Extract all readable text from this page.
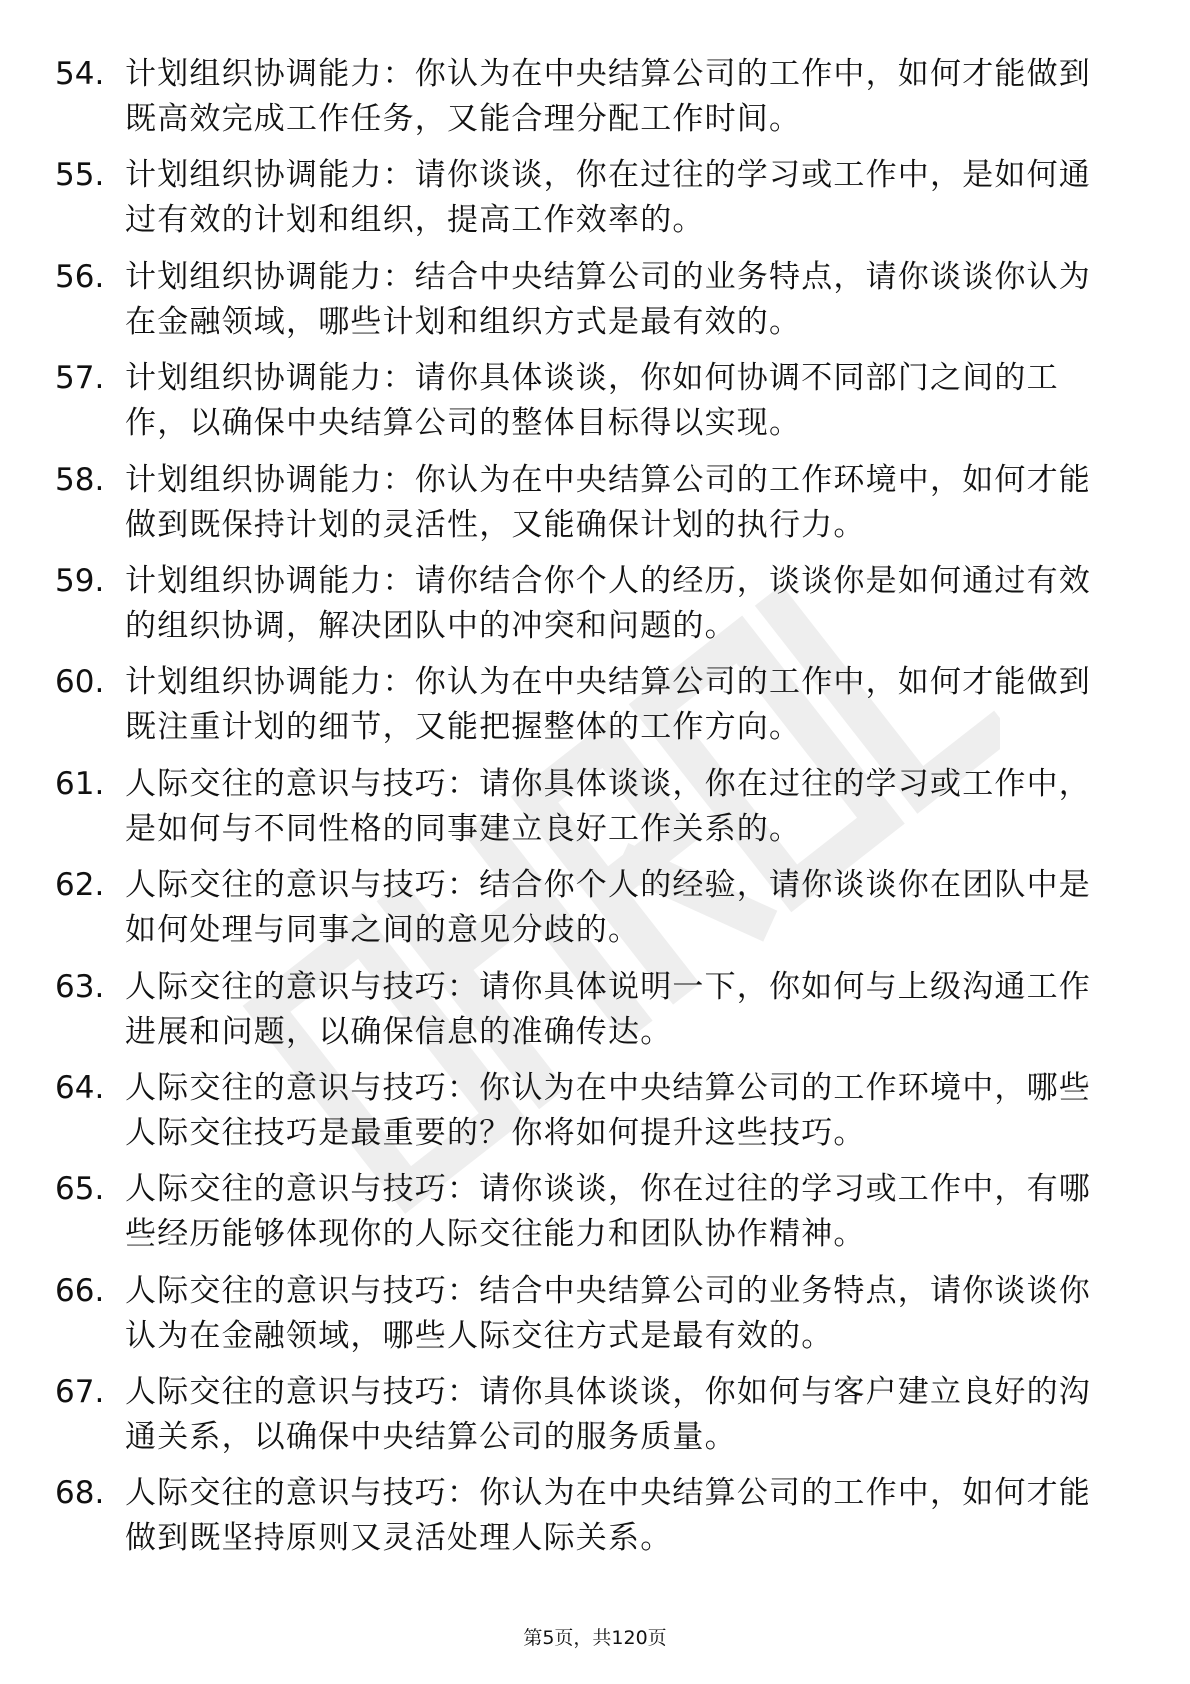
54. 计划组织协调能力：你认为在中央结算公司的工作中，如何才能做到既高效完成工作任务，又能合理分配工作时间。
55. 计划组织协调能力：请你谈谈，你在过往的学习或工作中，是如何通过有效的计划和组织，提高工作效率的。
56. 计划组织协调能力：结合中央结算公司的业务特点，请你谈谈你认为在金融领域，哪些计划和组织方式是最有效的。
57. 计划组织协调能力：请你具体谈谈，你如何协调不同部门之间的工作，以确保中央结算公司的整体目标得以实现。
58. 计划组织协调能力：你认为在中央结算公司的工作环境中，如何才能做到既保持计划的灵活性，又能确保计划的执行力。
59. 计划组织协调能力：请你结合你个人的经历，谈谈你是如何通过有效的组织协调，解决团队中的冲突和问题的。
60. 计划组织协调能力：你认为在中央结算公司的工作中，如何才能做到既注重计划的细节，又能把握整体的工作方向。
61. 人际交往的意识与技巧：请你具体谈谈，你在过往的学习或工作中，是如何与不同性格的同事建立良好工作关系的。
62. 人际交往的意识与技巧：结合你个人的经验，请你谈谈你在团队中是如何处理与同事之间的意见分歧的。
63. 人际交往的意识与技巧：请你具体说明一下，你如何与上级沟通工作进展和问题，以确保信息的准确传达。
64. 人际交往的意识与技巧：你认为在中央结算公司的工作环境中，哪些人际交往技巧是最重要的？你将如何提升这些技巧。
65. 人际交往的意识与技巧：请你谈谈，你在过往的学习或工作中，有哪些经历能够体现你的人际交往能力和团队协作精神。
66. 人际交往的意识与技巧：结合中央结算公司的业务特点，请你谈谈你认为在金融领域，哪些人际交往方式是最有效的。
67. 人际交往的意识与技巧：请你具体谈谈，你如何与客户建立良好的沟通关系，以确保中央结算公司的服务质量。
68. 人际交往的意识与技巧：你认为在中央结算公司的工作中，如何才能做到既坚持原则又灵活处理人际关系。
第5页，共120页
